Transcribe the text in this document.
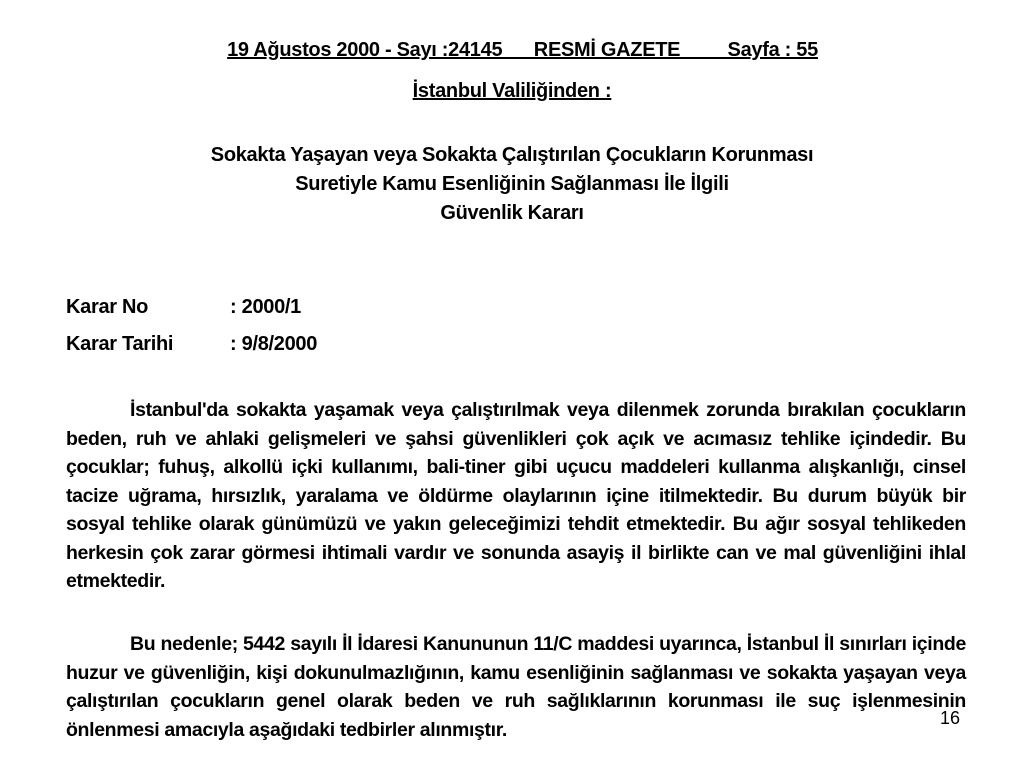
19 Ağustos 2000 - Sayı :24145      RESMİ GAZETE         Sayfa : 55

İstanbul Valiliğinden :
Sokakta Yaşayan veya Sokakta Çalıştırılan Çocukların Korunması
Suretiyle Kamu Esenliğinin Sağlanması İle İlgili
Güvenlik Kararı
Karar No	: 2000/1
Karar Tarihi	: 9/8/2000

İstanbul'da sokakta yaşamak veya çalıştırılmak veya dilenmek zorunda bırakılan çocukların beden, ruh ve ahlaki gelişmeleri ve şahsi güvenlikleri çok açık ve acımasız tehlike içindedir. Bu çocuklar; fuhuş, alkollü içki kullanımı, bali-tiner gibi uçucu maddeleri kullanma alışkanlığı, cinsel tacize uğrama, hırsızlık, yaralama ve öldürme olaylarının içine itilmektedir. Bu durum büyük bir sosyal tehlike olarak günümüzü ve yakın geleceğimizi tehdit etmektedir. Bu ağır sosyal tehlikeden herkesin çok zarar görmesi ihtimali vardır ve sonunda asayiş il birlikte can ve mal güvenliğini ihlal etmektedir.

Bu nedenle; 5442 sayılı İl İdaresi Kanununun 11/C maddesi uyarınca, İstanbul İl sınırları içinde huzur ve güvenliğin, kişi dokunulmazlığının, kamu esenliğinin sağlanması ve sokakta yaşayan veya çalıştırılan çocukların genel olarak beden ve ruh sağlıklarının korunması ile suç işlenmesinin önlenmesi amacıyla aşağıdaki tedbirler alınmıştır.

16
